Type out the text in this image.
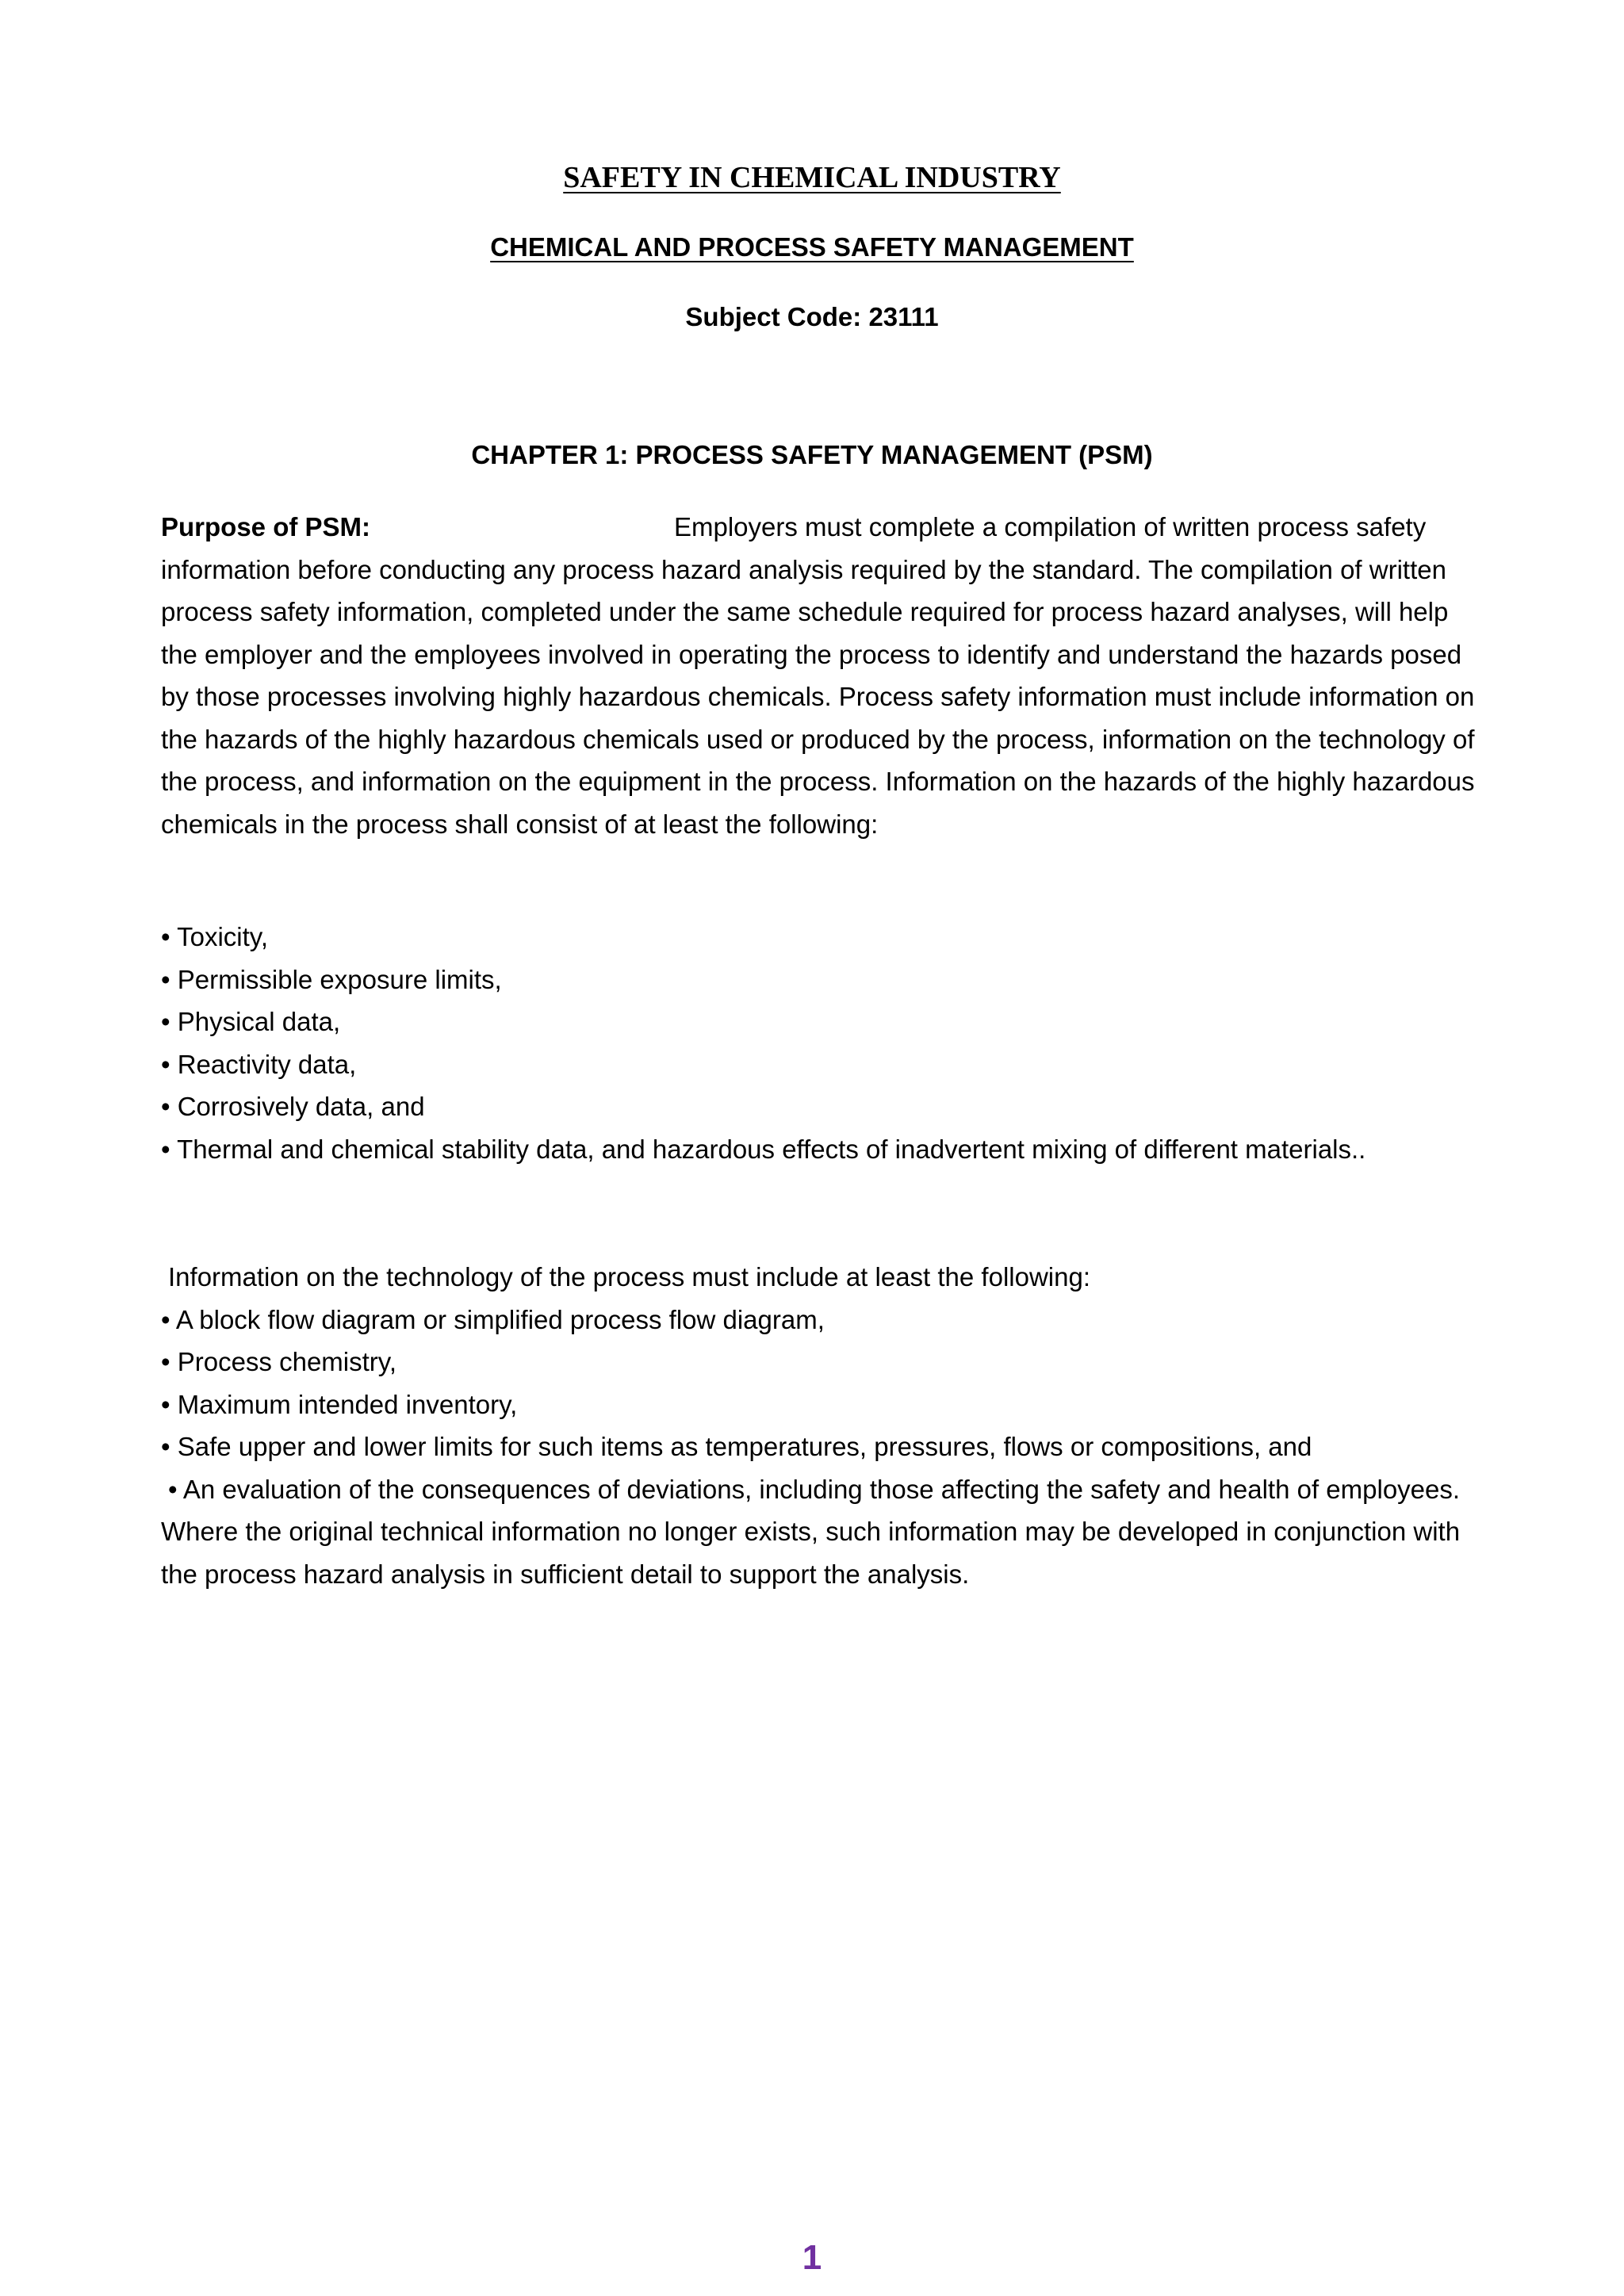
SAFETY IN CHEMICAL INDUSTRY
CHEMICAL AND PROCESS SAFETY MANAGEMENT
Subject Code: 23111
CHAPTER 1: PROCESS SAFETY MANAGEMENT (PSM)

Purpose of PSM:	Employers must complete a compilation of written process safety information before conducting any process hazard analysis required by the standard. The compilation of written process safety information, completed under the same schedule required for process hazard analyses, will help the employer and the employees involved in operating the process to identify and understand the hazards posed by those processes involving highly hazardous chemicals. Process safety information must include information on the hazards of the highly hazardous chemicals used or produced by the process, information on the technology of the process, and information on the equipment in the process. Information on the hazards of the highly hazardous chemicals in the process shall consist of at least the following:

• Toxicity,
• Permissible exposure limits,
• Physical data,
• Reactivity data,
• Corrosively data, and
• Thermal and chemical stability data, and hazardous effects of inadvertent mixing of different materials..
Information on the technology of the process must include at least the following:
• A block flow diagram or simplified process flow diagram,
• Process chemistry,
• Maximum intended inventory,
• Safe upper and lower limits for such items as temperatures, pressures, flows or compositions, and
• An evaluation of the consequences of deviations, including those affecting the safety and health of employees.
Where the original technical information no longer exists, such information may be developed in conjunction with the process hazard analysis in sufficient detail to support the analysis.
1
